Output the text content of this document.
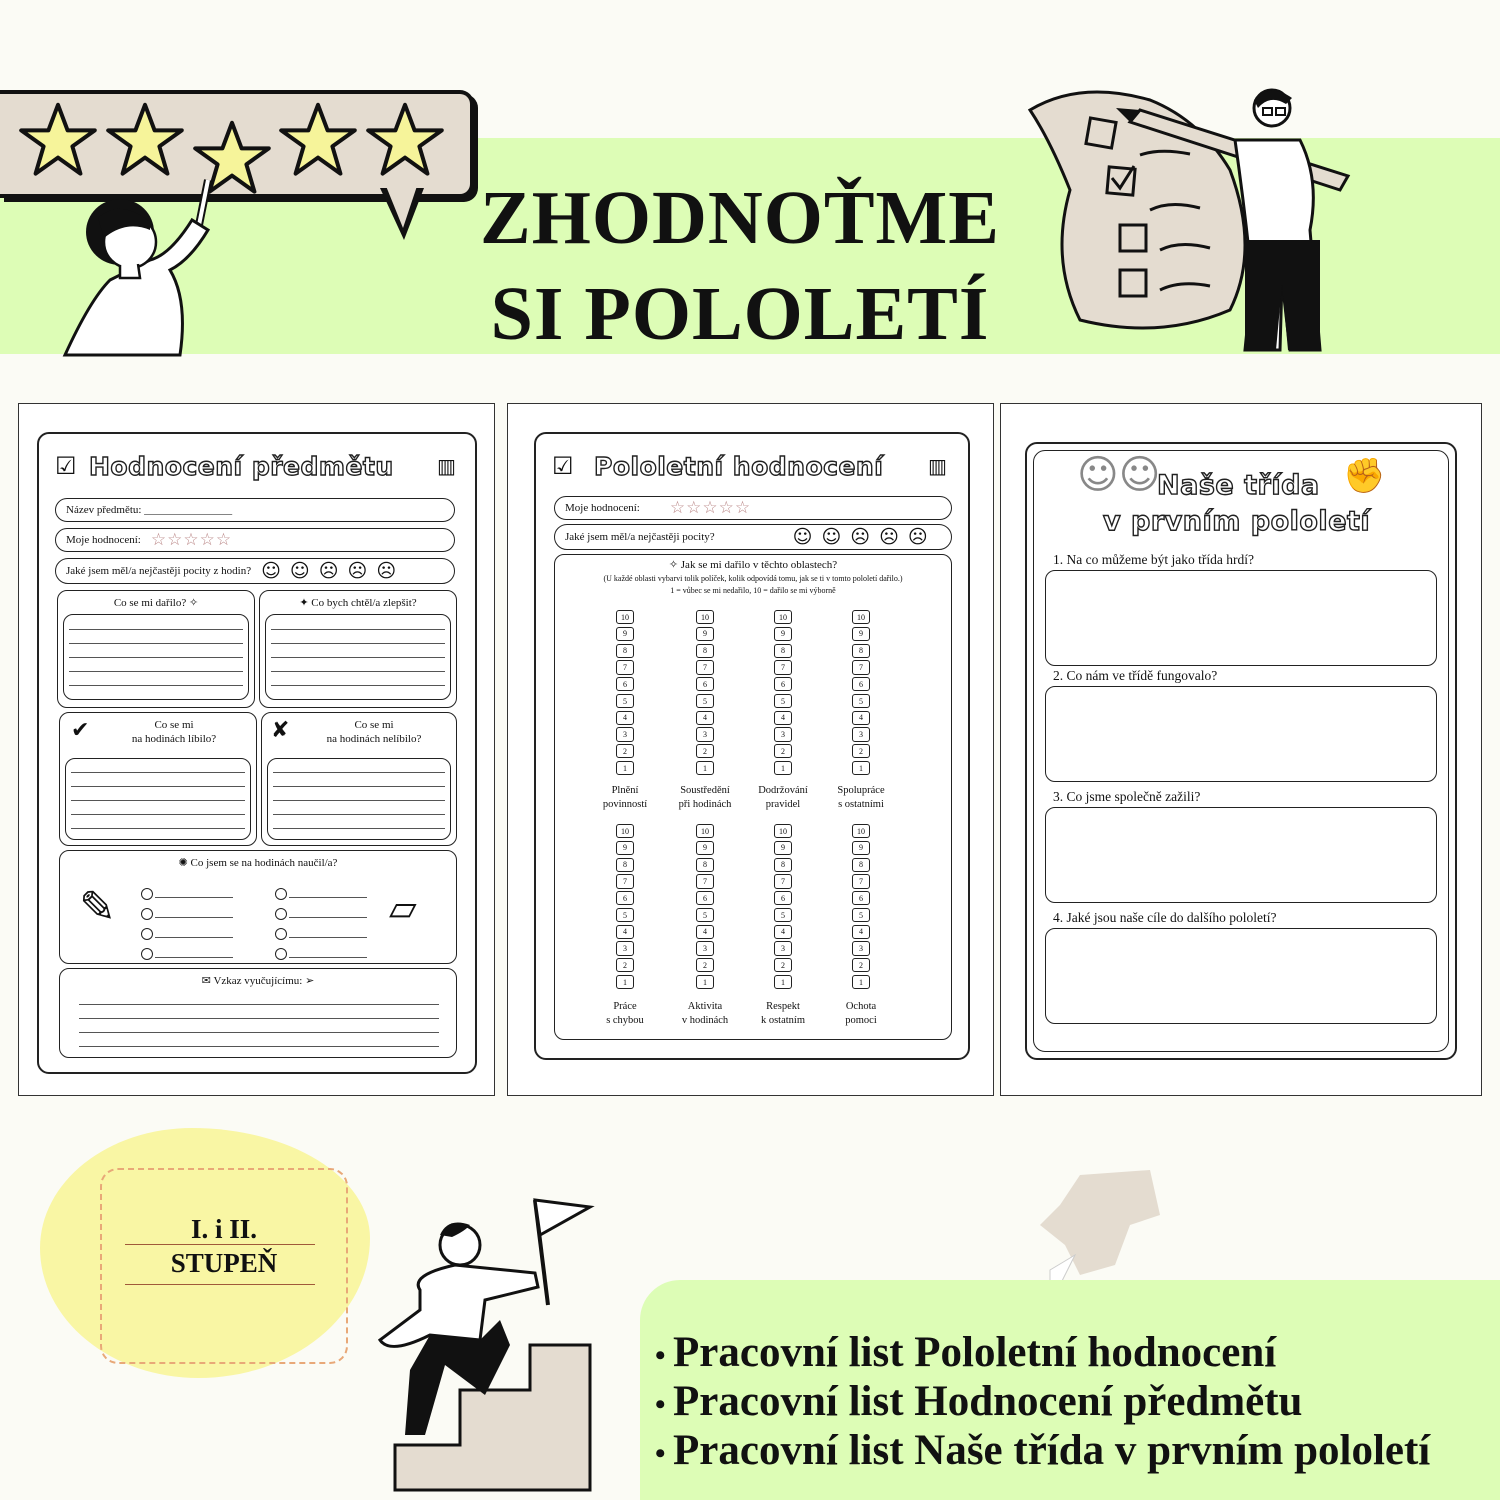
ZHODNOŤME
SI POLOLETÍ
☑ Hodnocení předmětu ▥
Název předmětu: ________________
Moje hodnocení: ☆☆☆☆☆
Jaké jsem měl/a nejčastěji pocity z hodin? ☺ ☺ ☹ ☹ ☹
Co se mi dařilo? ✧	✦ Co bych chtěl/a zlepšit?
✔	Co se mi
na hodinách líbilo?	✘	Co se mi
na hodinách nelíbilo?
✺ Co jsem se na hodinách naučil/a?
✎	▱
✉ Vzkaz vyučujícímu: ➢
☑ Pololetní hodnocení ▥
Moje hodnocení: ☆☆☆☆☆
Jaké jsem měl/a nejčastěji pocity?	☺ ☺ ☹ ☹ ☹
✧ Jak se mi dařilo v těchto oblastech?
(U každé oblasti vybarvi tolik políček, kolik odpovídá tomu, jak se ti v tomto pololetí dařilo.)
1 = vůbec se mi nedařilo, 10 = dařilo se mi výborně
10
9
8
7
6
5
4
3
2
1
Plnění
povinností
10
9
8
7
6
5
4
3
2
1
Soustředění
při hodinách
10
9
8
7
6
5
4
3
2
1
Dodržování
pravidel
10
9
8
7
6
5
4
3
2
1
Spolupráce
s ostatními
10
9
8
7
6
5
4
3
2
1
Práce
s chybou
10
9
8
7
6
5
4
3
2
1
Aktivita
v hodinách
10
9
8
7
6
5
4
3
2
1
Respekt
k ostatním
10
9
8
7
6
5
4
3
2
1
Ochota
pomoci
☺☺	✊
Naše třída
v prvním pololetí
1. Na co můžeme být jako třída hrdí?
2. Co nám ve třídě fungovalo?
3. Co jsme společně zažili?
4. Jaké jsou naše cíle do dalšího pololetí?
I. i II.
STUPEŇ
• Pracovní list Pololetní hodnocení
• Pracovní list Hodnocení předmětu
• Pracovní list Naše třída v prvním pololetí
